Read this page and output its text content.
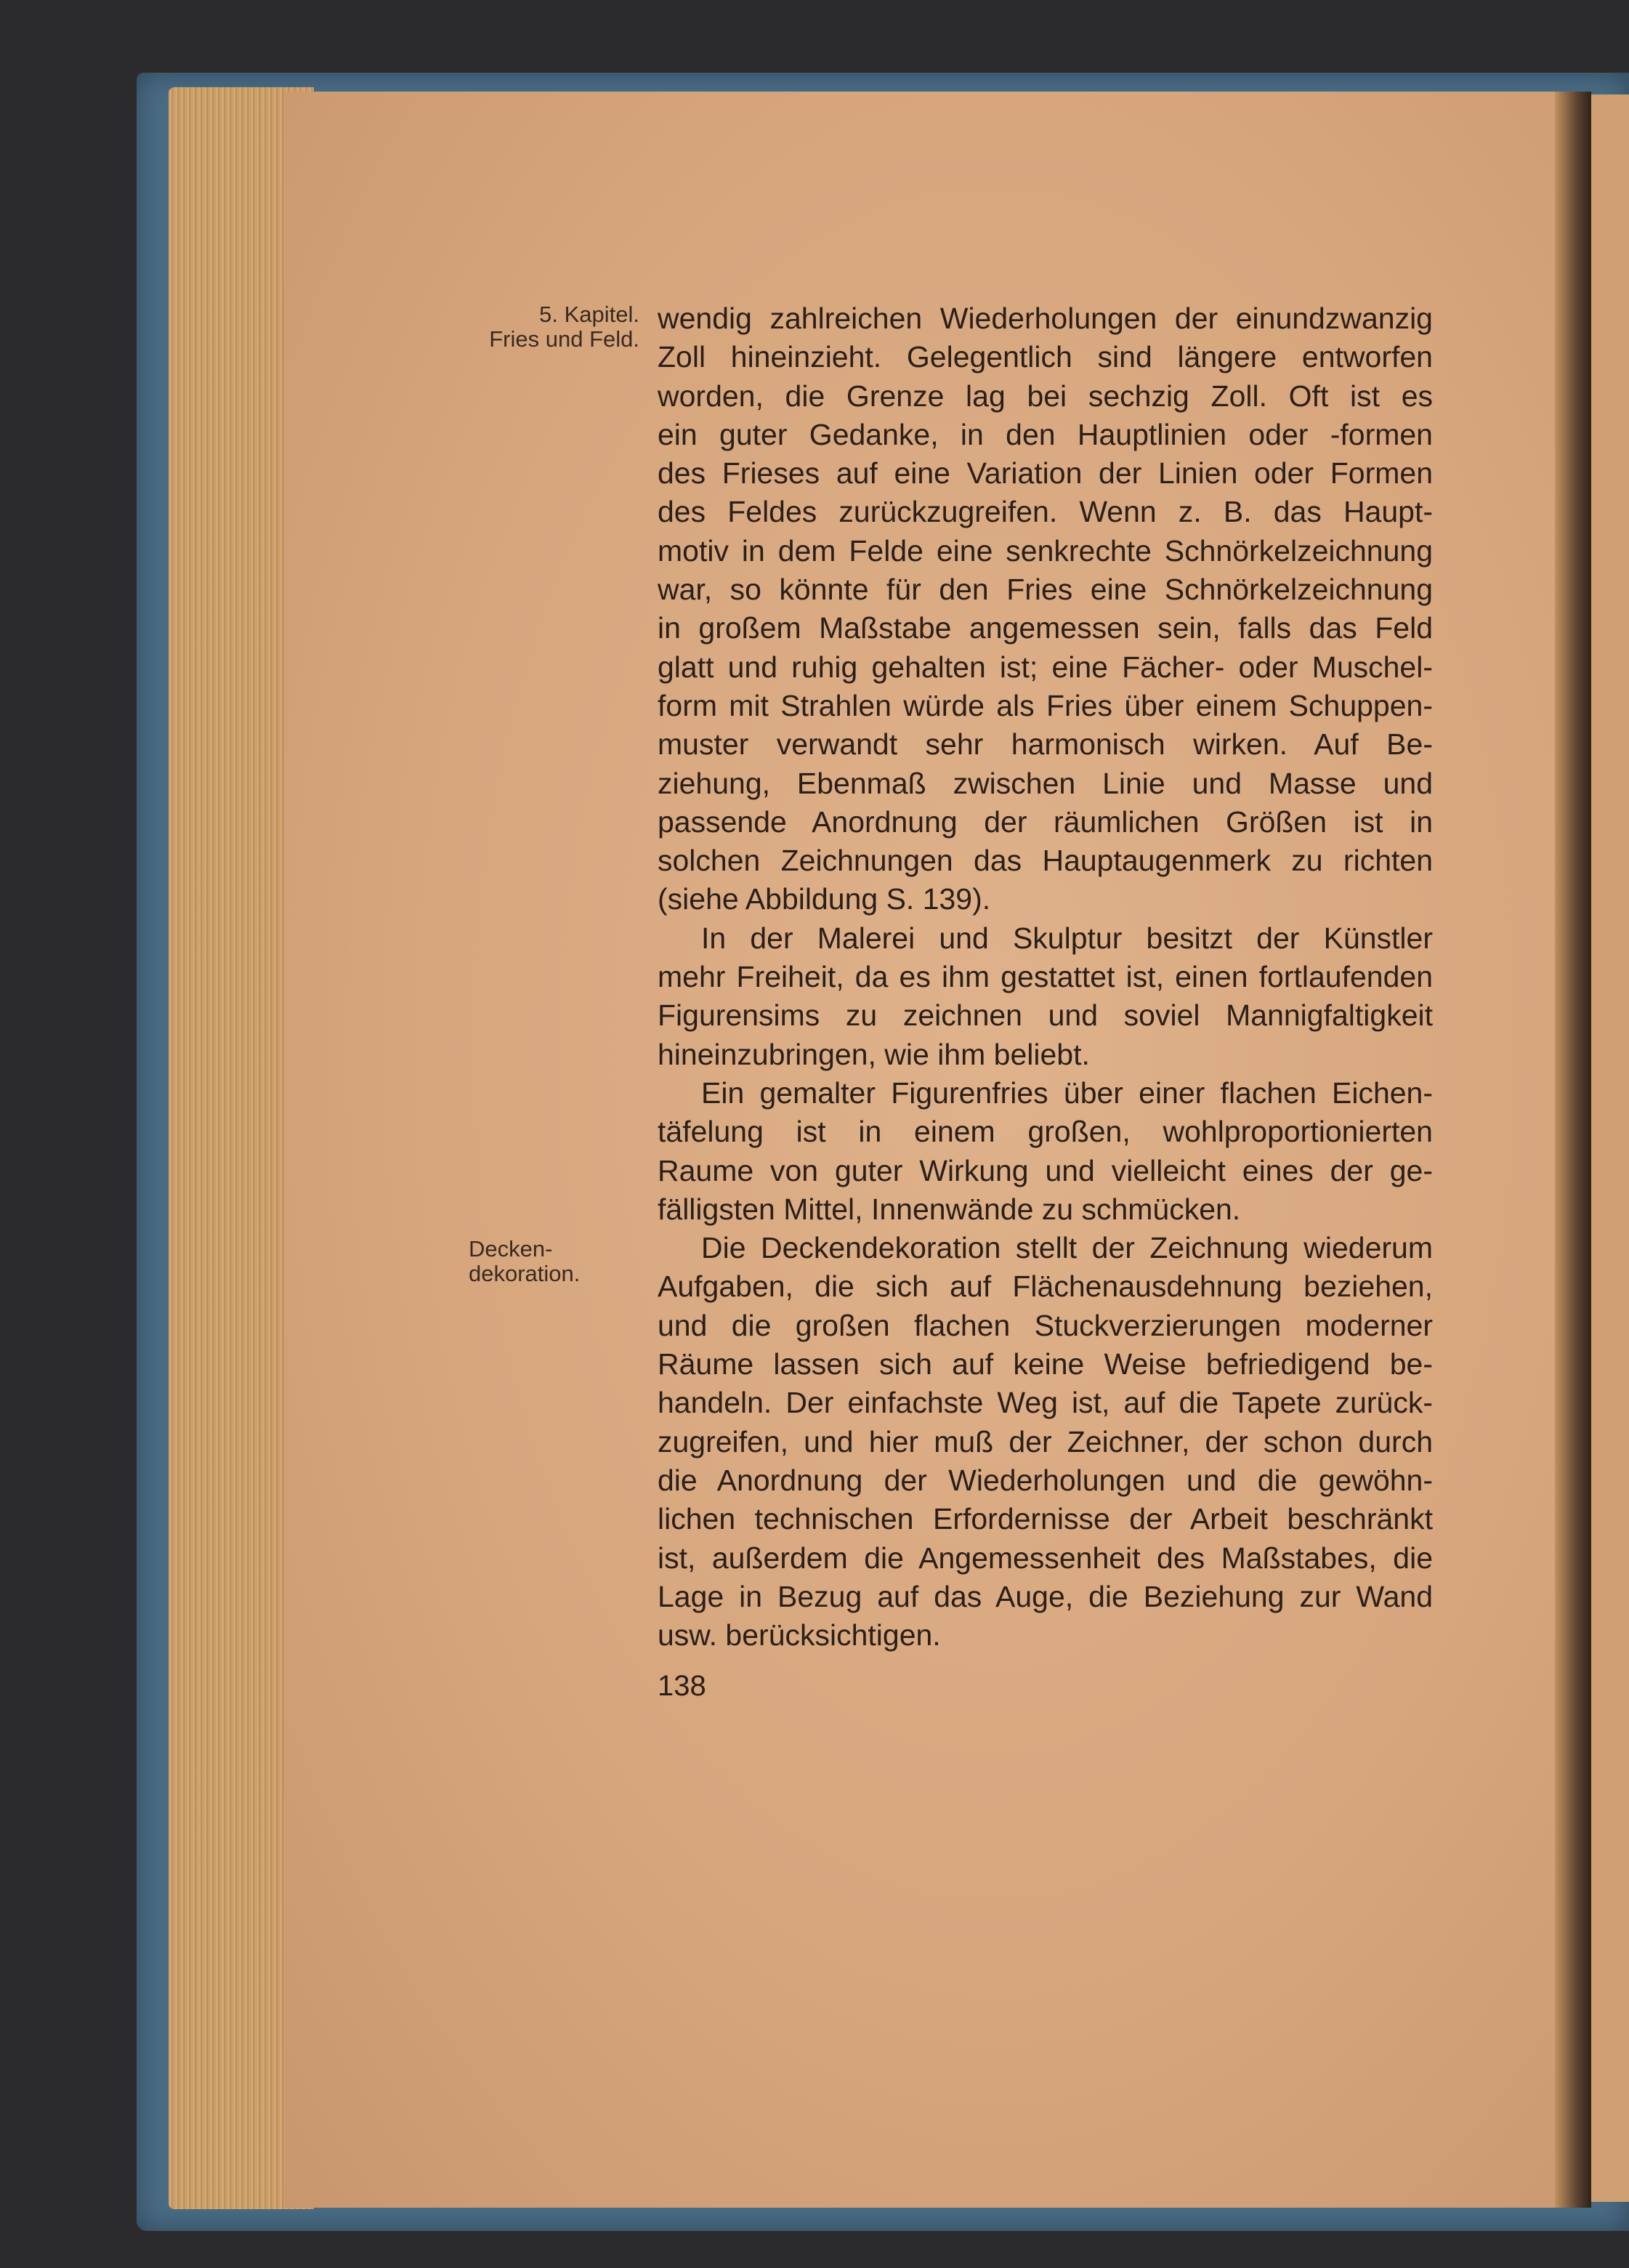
5. Kapitel.
Fries und Feld.
Decken-
dekoration.
wendig zahlreichen Wiederholungen der einundzwanzig
Zoll hineinzieht. Gelegentlich sind längere entworfen
worden, die Grenze lag bei sechzig Zoll. Oft ist es
ein guter Gedanke, in den Hauptlinien oder -formen
des Frieses auf eine Variation der Linien oder Formen
des Feldes zurückzugreifen. Wenn z. B. das Haupt-
motiv in dem Felde eine senkrechte Schnörkelzeichnung
war, so könnte für den Fries eine Schnörkelzeichnung
in großem Maßstabe angemessen sein, falls das Feld
glatt und ruhig gehalten ist; eine Fächer- oder Muschel-
form mit Strahlen würde als Fries über einem Schuppen-
muster verwandt sehr harmonisch wirken. Auf Be-
ziehung, Ebenmaß zwischen Linie und Masse und
passende Anordnung der räumlichen Größen ist in
solchen Zeichnungen das Hauptaugenmerk zu richten
(siehe Abbildung S. 139).
In der Malerei und Skulptur besitzt der Künstler
mehr Freiheit, da es ihm gestattet ist, einen fortlaufenden
Figurensims zu zeichnen und soviel Mannigfaltigkeit
hineinzubringen, wie ihm beliebt.
Ein gemalter Figurenfries über einer flachen Eichen-
täfelung ist in einem großen, wohlproportionierten
Raume von guter Wirkung und vielleicht eines der ge-
fälligsten Mittel, Innenwände zu schmücken.
Die Deckendekoration stellt der Zeichnung wiederum
Aufgaben, die sich auf Flächenausdehnung beziehen,
und die großen flachen Stuckverzierungen moderner
Räume lassen sich auf keine Weise befriedigend be-
handeln. Der einfachste Weg ist, auf die Tapete zurück-
zugreifen, und hier muß der Zeichner, der schon durch
die Anordnung der Wiederholungen und die gewöhn-
lichen technischen Erfordernisse der Arbeit beschränkt
ist, außerdem die Angemessenheit des Maßstabes, die
Lage in Bezug auf das Auge, die Beziehung zur Wand
usw. berücksichtigen.
138
